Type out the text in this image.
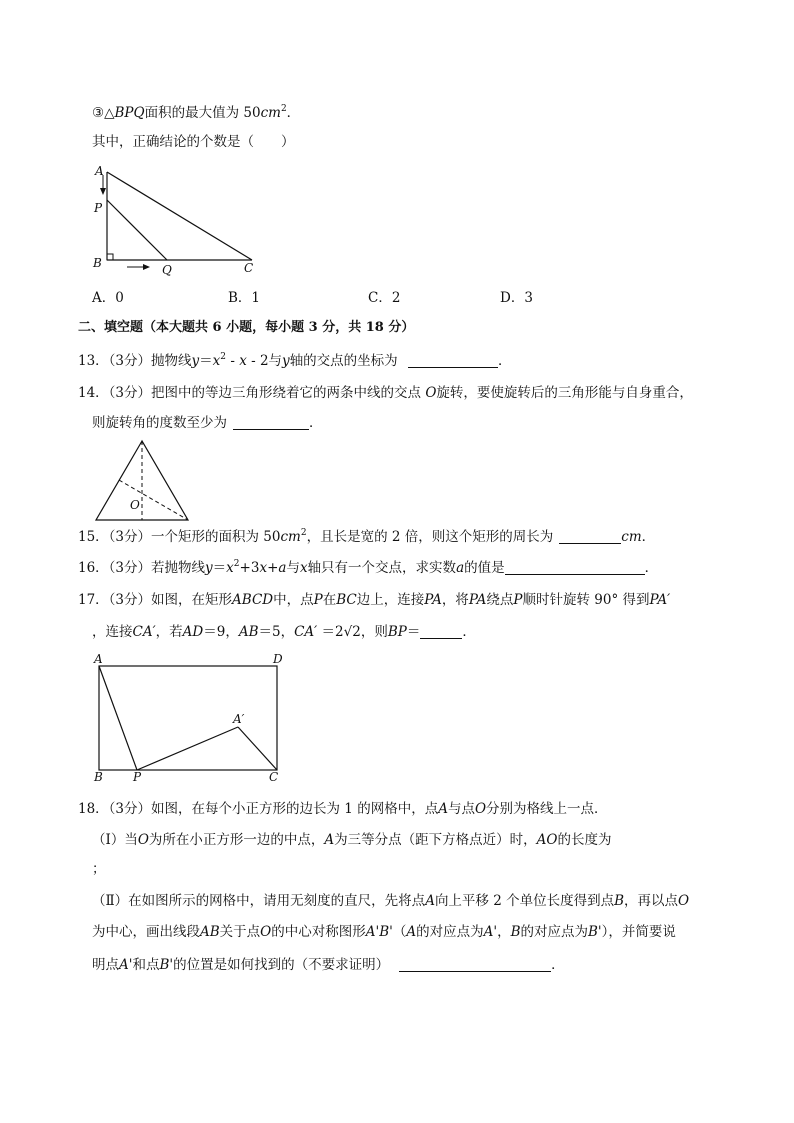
③△BPQ面积的最大值为 $50cm^2$．
其中，正确结论的个数是（　　）
A
P
B	Q	C
A．0	B．1	C．2	D．3
二、填空题（本大题共 6 小题，每小题 3 分，共 18 分）
13．（3分）抛物线$y=x^2 - x - 2$与y轴的交点的坐标为	．
14．（3分）把图中的等边三角形绕着它的两条中线的交点 O旋转，要使旋转后的三角形能与自身重合，
则旋转角的度数至少为	．
O
15．（3分）一个矩形的面积为 $50cm^2$，且长是宽的 2 倍，则这个矩形的周长为	cm．
16．（3分）若抛物线$y=x^2+3x+a$与x轴只有一个交点，求实数a的值是	．
17．（3分）如图，在矩形ABCD中，点P在BC边上，连接PA，将PA绕点P顺时针旋转 90° 得到PA′
，连接CA′，若AD＝9，AB＝5，CA′ ＝2√2，则BP＝	．
A	D
A′
B	P	C
18．（3分）如图，在每个小正方形的边长为 1 的网格中，点A与点O分别为格线上一点．
（Ⅰ）当O为所在小正方形一边的中点，A为三等分点（距下方格点近）时，AO的长度为
；
（Ⅱ）在如图所示的网格中，请用无刻度的直尺，先将点A向上平移 2 个单位长度得到点B，再以点O
为中心，画出线段AB关于点O的中心对称图形A'B'（A的对应点为A'，B的对应点为B'），并简要说
明点A'和点B'的位置是如何找到的（不要求证明）	．
